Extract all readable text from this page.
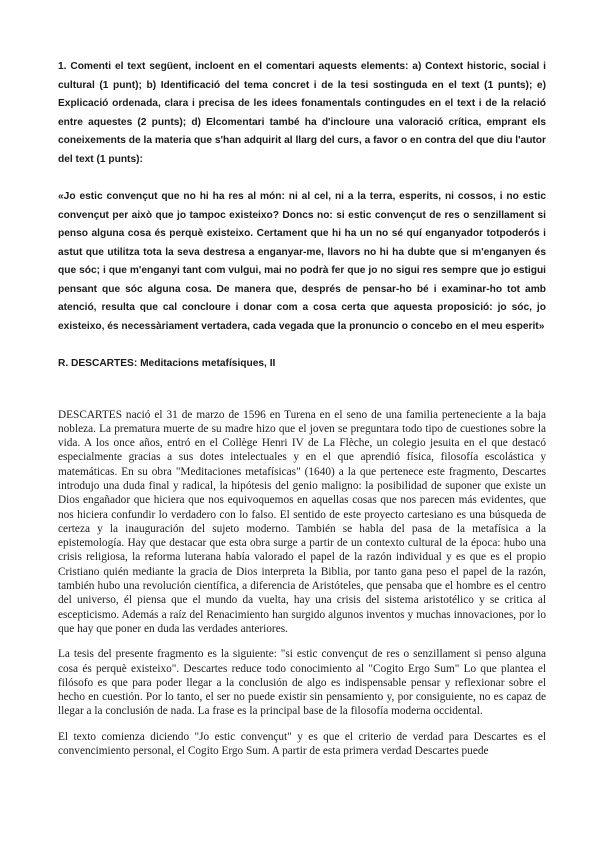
1. Comenti el text següent, incloent en el comentari aquests elements: a) Context historic, social i cultural (1 punt); b) Identificació del tema concret i de la tesi sostinguda en el text (1 punts); e) Explicació ordenada, clara i precisa de les idees fonamentals contingudes en el text i de la relació entre aquestes (2 punts); d) Elcomentari també ha d'incloure una valoració crítica, emprant els coneixements de la materia que s'han adquirit al llarg del curs, a favor o en contra del que diu l'autor del text (1 punts):

«Jo estic convençut que no hi ha res al món: ni al cel, ni a la terra, esperits, ni cossos, i no estic convençut per això que jo tampoc existeixo? Doncs no: si estic convençut de res o senzillament si penso alguna cosa és perquè existeixo. Certament que hi ha un no sé quí enganyador totpoderós i astut que utilitza tota la seva destresa a enganyar-me, llavors no hi ha dubte que si m'enganyen és que sóc; i que m'enganyi tant com vulgui, mai no podrà fer que jo no sigui res sempre que jo estigui pensant que sóc alguna cosa. De manera que, després de pensar-ho bé i examinar-ho tot amb atenció, resulta que cal concloure i donar com a cosa certa que aquesta proposició: jo sóc, jo existeixo, és necessàriament vertadera, cada vegada que la pronuncio o concebo en el meu esperit»

R. DESCARTES: Meditacions metafísiques, II

DESCARTES nació el 31 de marzo de 1596 en Turena en el seno de una familia perteneciente a la baja nobleza. La prematura muerte de su madre hizo que el joven se preguntara todo tipo de cuestiones sobre la vida. A los once años, entró en el Collège Henri IV de La Flèche, un colegio jesuita en el que destacó especialmente gracias a sus dotes intelectuales y en el que aprendió física, filosofía escolástica y matemáticas. En su obra "Meditaciones metafísicas" (1640) a la que pertenece este fragmento, Descartes introdujo una duda final y radical, la hipótesis del genio maligno: la posibilidad de suponer que existe un Dios engañador que hiciera que nos equivoquemos en aquellas cosas que nos parecen más evidentes, que nos hiciera confundir lo verdadero con lo falso. El sentido de este proyecto cartesiano es una búsqueda de certeza y la inauguración del sujeto moderno. También se habla del pasa de la metafísica a la epistemología. Hay que destacar que esta obra surge a partir de un contexto cultural de la época: hubo una crisis religiosa, la reforma luterana había valorado el papel de la razón individual y es que es el propio Cristiano quién mediante la gracia de Dios interpreta la Biblia, por tanto gana peso el papel de la razón, también hubo una revolución científica, a diferencia de Aristóteles, que pensaba que el hombre es el centro del universo, él piensa que el mundo da vuelta, hay una crisis del sistema aristotélico y se critica al escepticismo. Además a raíz del Renacimiento han surgido algunos inventos y muchas innovaciones, por lo que hay que poner en duda las verdades anteriores.

La tesis del presente fragmento es la siguiente: "si estic convençut de res o senzillament si penso alguna cosa és perquè existeixo". Descartes reduce todo conocimiento al "Cogito Ergo Sum" Lo que plantea el filósofo es que para poder llegar a la conclusión de algo es indispensable pensar y reflexionar sobre el hecho en cuestión. Por lo tanto, el ser no puede existir sin pensamiento y, por consiguiente, no es capaz de llegar a la conclusión de nada. La frase es la principal base de la filosofía moderna occidental.

El texto comienza diciendo "Jo estic convençut" y es que el criterio de verdad para Descartes es el convencimiento personal, el Cogito Ergo Sum. A partir de esta primera verdad Descartes puede
